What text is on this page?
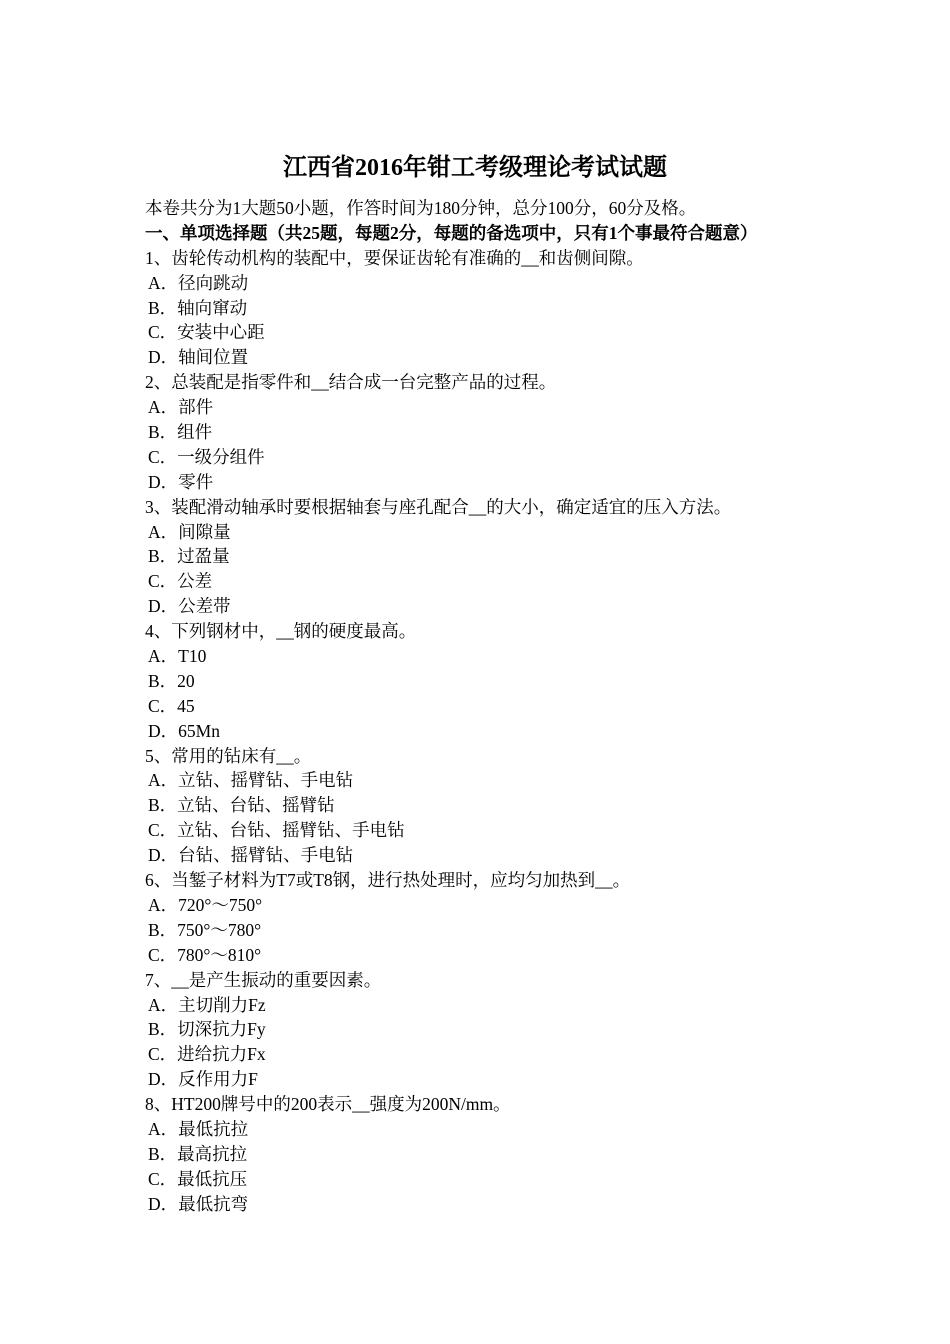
江西省2016年钳工考级理论考试试题
本卷共分为1大题50小题，作答时间为180分钟，总分100分，60分及格。
一、单项选择题（共25题，每题2分，每题的备选项中，只有1个事最符合题意）
1、齿轮传动机构的装配中，要保证齿轮有准确的__和齿侧间隙。
A．径向跳动
B．轴向窜动
C．安装中心距
D．轴间位置
2、总装配是指零件和__结合成一台完整产品的过程。
A．部件
B．组件
C．一级分组件
D．零件
3、装配滑动轴承时要根据轴套与座孔配合__的大小，确定适宜的压入方法。
A．间隙量
B．过盈量
C．公差
D．公差带
4、下列钢材中，__钢的硬度最高。
A．T10
B．20
C．45
D．65Mn
5、常用的钻床有__。
A．立钻、摇臂钻、手电钻
B．立钻、台钻、摇臂钻
C．立钻、台钻、摇臂钻、手电钻
D．台钻、摇臂钻、手电钻
6、当錾子材料为T7或T8钢，进行热处理时，应均匀加热到__。
A．720°～750°
B．750°～780°
C．780°～810°
7、__是产生振动的重要因素。
A．主切削力Fz
B．切深抗力Fy
C．进给抗力Fx
D．反作用力F
8、HT200牌号中的200表示__强度为200N/mm。
A．最低抗拉
B．最高抗拉
C．最低抗压
D．最低抗弯
